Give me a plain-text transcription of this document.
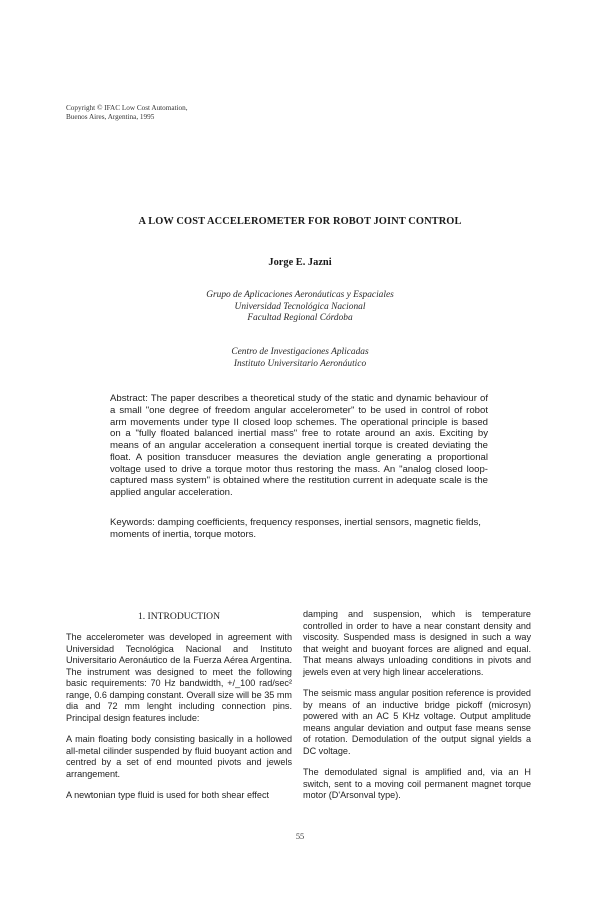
Copyright © IFAC Low Cost Automation,
Buenos Aires, Argentina, 1995
A LOW COST ACCELEROMETER FOR ROBOT JOINT CONTROL
Jorge E. Jazni
Grupo de Aplicaciones Aeronáuticas y Espaciales
Universidad Tecnológica Nacional
Facultad Regional Córdoba
Centro de Investigaciones Aplicadas
Instituto Universitario Aeronáutico
Abstract: The paper describes a theoretical study of the static and dynamic behaviour of a small "one degree of freedom angular accelerometer" to be used in control of robot arm movements under type II closed loop schemes. The operational principle is based on a "fully floated balanced inertial mass" free to rotate around an axis. Exciting by means of an angular acceleration a consequent inertial torque is created deviating the float. A position transducer measures the deviation angle generating a proportional voltage used to drive a torque motor thus restoring the mass. An "analog closed loop-captured mass system" is obtained where the restitution current in adequate scale is the applied angular acceleration.
Keywords: damping coefficients, frequency responses, inertial sensors, magnetic fields, moments of inertia, torque motors.
1. INTRODUCTION

The accelerometer was developed in agreement with Universidad Tecnológica Nacional and Instituto Universitario Aeronáutico de la Fuerza Aérea Argentina. The instrument was designed to meet the following basic requirements: 70 Hz bandwidth, +/_100 rad/sec² range, 0.6 damping constant. Overall size will be 35 mm dia and 72 mm lenght including connection pins. Principal design features include:

A main floating body consisting basically in a hollowed all-metal cilinder suspended by fluid buoyant action and centred by a set of end mounted pivots and jewels arrangement.

A newtonian type fluid is used for both shear effect

damping and suspension, which is temperature controlled in order to have a near constant density and viscosity. Suspended mass is designed in such a way that weight and buoyant forces are aligned and equal. That means always unloading conditions in pivots and jewels even at very high linear accelerations.

The seismic mass angular position reference is provided by means of an inductive bridge pickoff (microsyn) powered with an AC 5 KHz voltage. Output amplitude means angular deviation and output fase means sense of rotation. Demodulation of the output signal yields a DC voltage.

The demodulated signal is amplified and, via an H switch, sent to a moving coil permanent magnet torque motor (D'Arsonval type).

55
